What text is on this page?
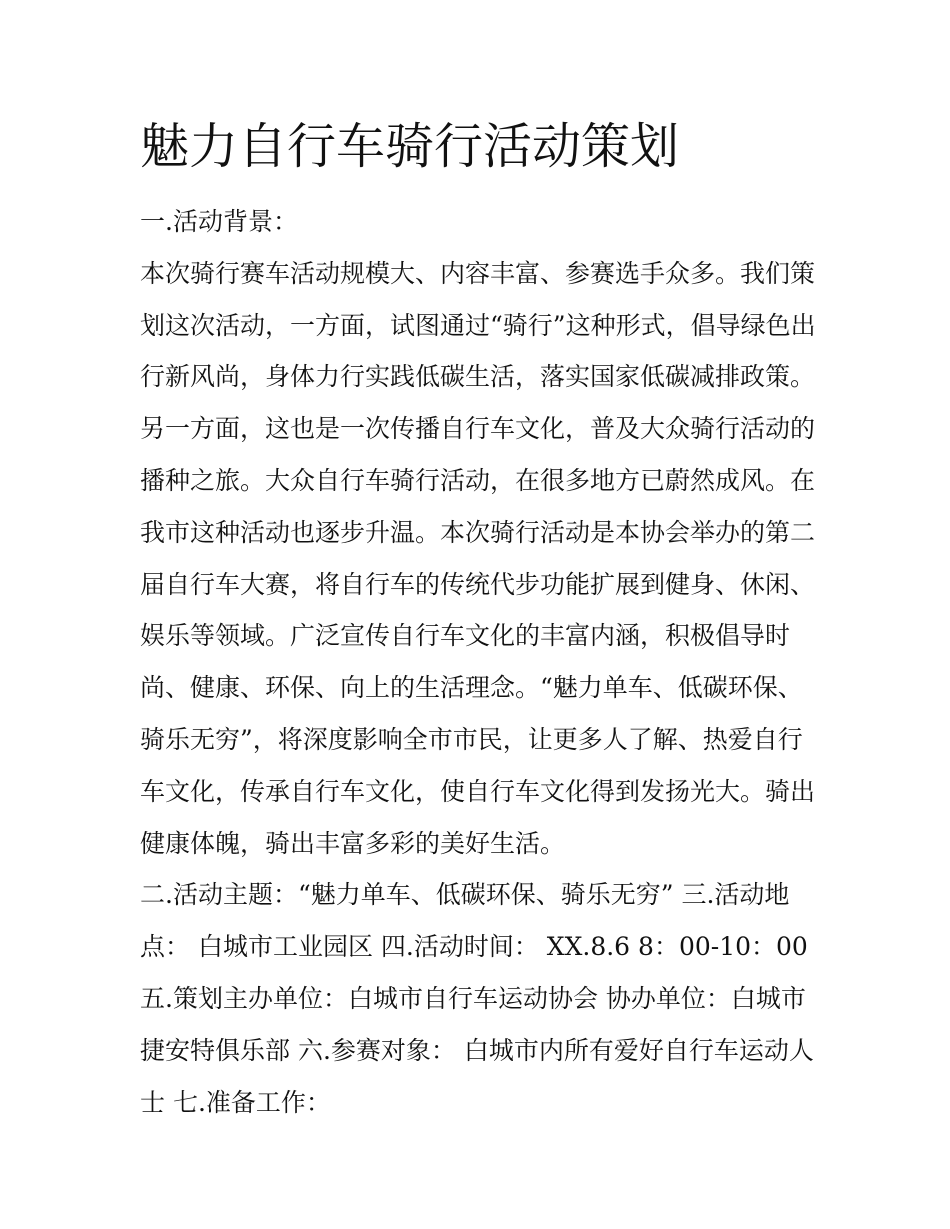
魅力自行车骑行活动策划
一.活动背景：
本次骑行赛车活动规模大、内容丰富、参赛选手众多。我们策
划这次活动，一方面，试图通过“骑行”这种形式，倡导绿色出
行新风尚，身体力行实践低碳生活，落实国家低碳减排政策。
另一方面，这也是一次传播自行车文化，普及大众骑行活动的
播种之旅。大众自行车骑行活动，在很多地方已蔚然成风。在
我市这种活动也逐步升温。本次骑行活动是本协会举办的第二
届自行车大赛，将自行车的传统代步功能扩展到健身、休闲、
娱乐等领域。广泛宣传自行车文化的丰富内涵，积极倡导时
尚、健康、环保、向上的生活理念。“魅力单车、低碳环保、
骑乐无穷”，将深度影响全市市民，让更多人了解、热爱自行
车文化，传承自行车文化，使自行车文化得到发扬光大。骑出
健康体魄，骑出丰富多彩的美好生活。
二.活动主题：“魅力单车、低碳环保、骑乐无穷” 三.活动地
点： 白城市工业园区 四.活动时间： XX.8.6 8：00-10：00
五.策划主办单位：白城市自行车运动协会 协办单位：白城市
捷安特俱乐部 六.参赛对象： 白城市内所有爱好自行车运动人
士 七.准备工作：
